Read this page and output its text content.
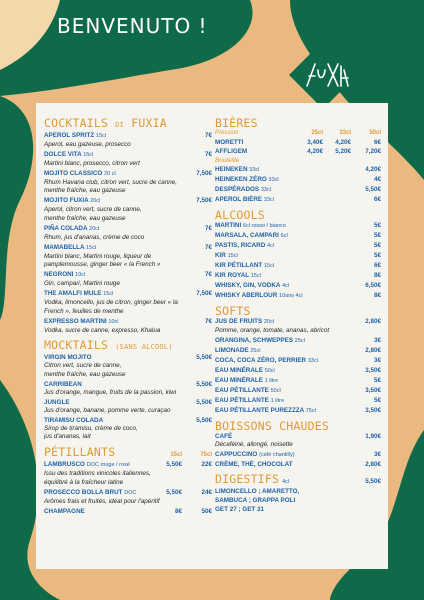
BENVENUTO !
COCKTAILS DI FUXIA
APEROL SPRITZ 15cl	7€
Aperol, eau gazeuse, prosecco
DOLCE VITA 15cl	7€
Martini blanc, prosecco, citron vert
MOJITO CLASSICO 20 cl	7,50€
Rhum Havana club, citron vert, sucre de canne,
menthe fraîche, eau gazeuse
MOJITO FUXIA 20cl	7,50€
Aperol, citron vert, sucre de canne,
menthe fraîche, eau gazeuse
PIÑA COLADA 20cl	7€
Rhum, jus d'ananas, crème de coco
MAMABELLA 15cl	7€
Martini blanc, Martini rouge, liqueur de
pamplemousse, ginger beer « la French »
NEGRONI 10cl	7€
Gin, campari, Martini rouge
THE AMALFI MULE 15cl	7,50€
Vodka, limoncello, jus de citron, ginger beer « la
French », feuilles de menthe
EXPRESSO MARTINI 10cl	7€
Vodka, sucre de canne, expresso, Khalua
MOCKTAILS (SANS ALCOOL)
VIRGIN MOJITO	5,50€
Citron vert, sucre de canne,
menthe fraîche, eau gazeuse
CARRIBEAN	5,50€
Jus d'orange, mangue, fruits de la passion, kiwi
JUNGLE	5,50€
Jus d'orange, banane, pomme verte, curaçao
TIRAMISU COLADA	5,50€
Sirop de tiramisu, crème de coco,
jus d'ananas, lait
PÉTILLANTS	15cl	75cl
LAMBRUSCO DOC rouge / rosé	5,50€	22€
Issu des traditions vinicoles italiennes,
équilibré à la fraîcheur latine
PROSECCO BOLLA BRUT DOC	5,50€	24€
Arômes frais et fruités, idéal pour l'apéritif
CHAMPAGNE	8€	50€
BIÈRES
Pression	25cl	33cl	50cl
MORETTI	3,40€	4,20€	6€
AFFLIGEM	4,20€	5,20€	7,20€
Bouteille
HEINEKEN 33cl	4,20€
HEINEKEN ZÉRO 33cl	4€
DESPÉRADOS 33cl	5,50€
APEROL BIÈRE 33cl	6€
ALCOOLS
MARTINI 6cl rosso / bianco	5€
MARSALA, CAMPARI 6cl	5€
PASTIS, RICARD 4cl	5€
KIR 15cl	5€
KIR PÉTILLANT 15cl	6€
KIR ROYAL 15cl	8€
WHISKY, GIN, VODKA 4cl	6,50€
WHISKY ABERLOUR 10ans 4cl	8€
SOFTS
JUS DE FRUITS 20cl	2,80€
Pomme, orange, tomate, ananas, abricot
ORANGINA, SCHWEPPES 25cl	3€
LIMONADE 25cl	2,80€
COCA, COCA ZÉRO, PERRIER 33cl	3€
EAU MINÉRALE 50cl	3,50€
EAU MINÉRALE 1 litre	5€
EAU PÉTILLANTE 50cl	3,50€
EAU PÉTILLANTE 1 litre	5€
EAU PÉTILLANTE PUREZZZA 75cl	3,50€
BOISSONS CHAUDES
CAFÉ	1,90€
Décaféiné, allongé, noisette
CAPPUCCINO (café chantilly)	3€
CRÈME, THÉ, CHOCOLAT	2,80€
DIGESTIFS 4cl	5,50€
LIMONCELLO ; AMARETTO,
SAMBUCA ; GRAPPA POLI
GET 27 ; GET 31
